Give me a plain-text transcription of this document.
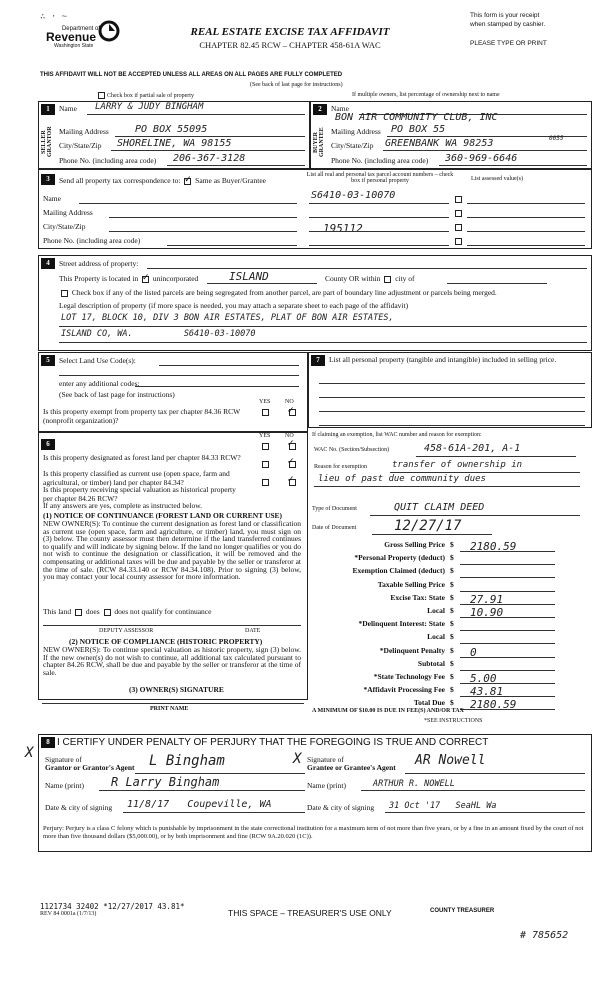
∴ · ~
Department of
Revenue
Washington State
REAL ESTATE EXCISE TAX AFFIDAVIT
CHAPTER 82.45 RCW – CHAPTER 458-61A WAC
This form is your receipt
when stamped by cashier.
PLEASE TYPE OR PRINT
THIS AFFIDAVIT WILL NOT BE ACCEPTED UNLESS ALL AREAS ON ALL PAGES ARE FULLY COMPLETED
(See back of last page for instructions)
Check box if partial sale of property	If multiple owners, list percentage of ownership next to name
1
SELLER GRANTOR
Name LARRY & JUDY BINGHAM
Mailing Address	PO BOX 55095
City/State/Zip SHORELINE, WA 98155
Phone No. (including area code) 206-367-3128
2
BUYER GRANTEE
Name
BON AIR COMMUNITY CLUB, INC
Mailing Address PO BOX 55
City/State/Zip GREENBANK WA 98253	0055
Phone No. (including area code) 360-969-6646
3	Send all property tax correspondence to: ✓ Same as Buyer/Grantee
Name
Mailing Address
City/State/Zip
Phone No. (including area code)
List all real and personal tax parcel account numbers – check box if personal property	List assessed value(s)
S6410-03-10070
195112
4	Street address of property:
This Property is located in ✓ unincorporated	ISLAND	County OR within city of
Check box if any of the listed parcels are being segregated from another parcel, are part of boundary line adjustment or parcels being merged.
Legal description of property (if more space is needed, you may attach a separate sheet to each page of the affidavit)
LOT 17, BLOCK 10, DIV 3 BON AIR ESTATES, PLAT OF BON AIR ESTATES,
ISLAND CO, WA.          S6410-03-10070
5	Select Land Use Code(s):
enter any additional codes:
(See back of last page for instructions)
YES NO
Is this property exempt from property tax per chapter 84.36 RCW (nonprofit organization)?
✓
6
YES NO
Is this property designated as forest land per chapter 84.33 RCW?
✓
Is this property classified as current use (open space, farm and agricultural, or timber) land per chapter 84.34?
✓
Is this property receiving special valuation as historical property per chapter 84.26 RCW?
✓
If any answers are yes, complete as instructed below.
(1) NOTICE OF CONTINUANCE (FOREST LAND OR CURRENT USE)
NEW OWNER(S): To continue the current designation as forest land or classification as current use (open space, farm and agriculture, or timber) land, you must sign on (3) below. The county assessor must then determine if the land transferred continues to qualify and will indicate by signing below. If the land no longer qualifies or you do not wish to continue the designation or classification, it will be removed and the compensating or additional taxes will be due and payable by the seller or transferor at the time of sale. (RCW 84.33.140 or RCW 84.34.108). Prior to signing (3) below, you may contact your local county assessor for more information.
This land does does not qualify for continuance
DEPUTY ASSESSOR	DATE
(2) NOTICE OF COMPLIANCE (HISTORIC PROPERTY)
NEW OWNER(S): To continue special valuation as historic property, sign (3) below. If the new owner(s) do not wish to continue, all additional tax calculated pursuant to chapter 84.26 RCW, shall be due and payable by the seller or transferor at the time of sale.
(3) OWNER(S) SIGNATURE
PRINT NAME
7	List all personal property (tangible and intangible) included in selling price.
If claiming an exemption, list WAC number and reason for exemption:
WAC No. (Section/Subsection)	458-61A-201, A-1
Reason for exemption	transfer of ownership in
lieu of past due community dues
Type of Document	QUIT CLAIM DEED
Date of Document	12/27/17
Gross Selling Price $ 2180.59
*Personal Property (deduct) $
Exemption Claimed (deduct) $
Taxable Selling Price $
Excise Tax: State $ 27.91
Local $ 10.90
*Delinquent Interest: State $
Local $
*Delinquent Penalty $ 0
Subtotal $
*State Technology Fee $ 5.00
*Affidavit Processing Fee $ 43.81
Total Due $ 2180.59
A MINIMUM OF $10.00 IS DUE IN FEE(S) AND/OR TAX
*SEE INSTRUCTIONS
8 I CERTIFY UNDER PENALTY OF PERJURY THAT THE FOREGOING IS TRUE AND CORRECT
X Signature of
Grantor or Grantor's Agent L Bingham
Name (print) R Larry Bingham
Date & city of signing 11/8/17   Coupeville, WA
X Signature of
Grantee or Grantee's Agent AR Nowell
Name (print)	ARTHUR R. NOWELL
Date & city of signing 31 Oct '17   SeaHL Wa
Perjury: Perjury is a class C felony which is punishable by imprisonment in the state correctional institution for a maximum term of not more than five years, or by a fine in an amount fixed by the court of not more than five thousand dollars ($5,000.00), or by both imprisonment and fine (RCW 9A.20.020 (1C)).
1121734 32402 *12/27/2017 43.81*
REV 84 0001a (1/7/13)	THIS SPACE – TREASURER'S USE ONLY	COUNTY TREASURER
# 785652
